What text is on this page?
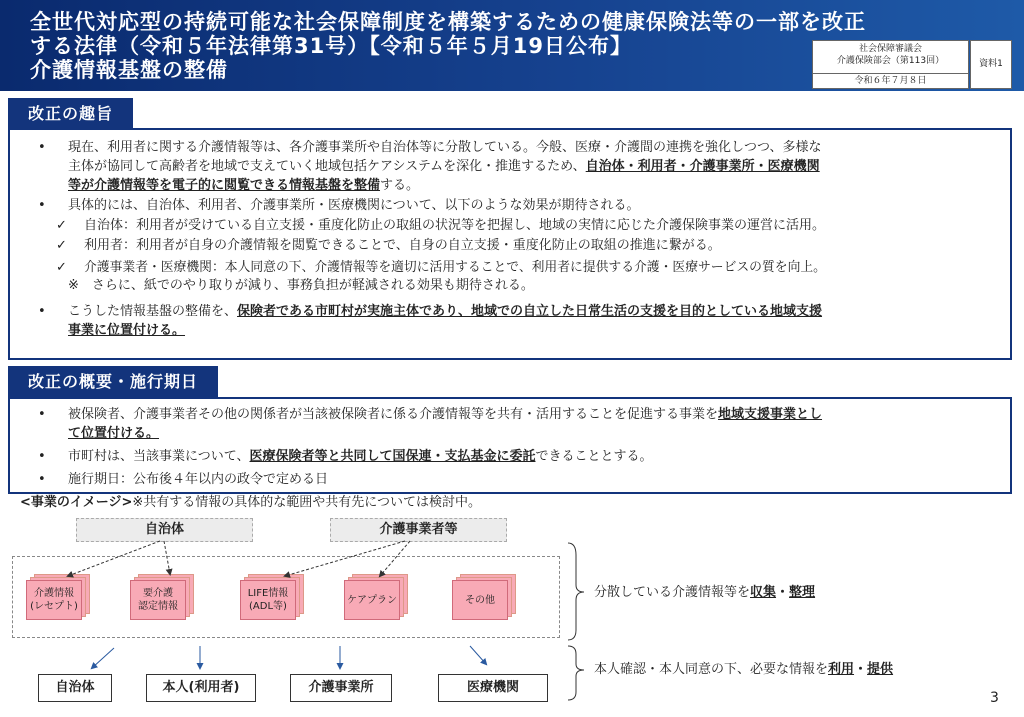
全世代対応型の持続可能な社会保障制度を構築するための健康保険法等の一部を改正
する法律（令和５年法律第31号）【令和５年５月19日公布】
介護情報基盤の整備
社会保障審議会
介護保険部会（第113回）
令和６年７月８日
資料1
改正の趣旨
• 現在、利用者に関する介護情報等は、各介護事業所や自治体等に分散している。今般、医療・介護間の連携を強化しつつ、多様な
主体が協同して高齢者を地域で支えていく地域包括ケアシステムを深化・推進するため、自治体・利用者・介護事業所・医療機関
等が介護情報等を電子的に閲覧できる情報基盤を整備する。
• 具体的には、自治体、利用者、介護事業所・医療機関について、以下のような効果が期待される。
✓ 自治体：利用者が受けている自立支援・重度化防止の取組の状況等を把握し、地域の実情に応じた介護保険事業の運営に活用。
✓ 利用者：利用者が自身の介護情報を閲覧できることで、自身の自立支援・重度化防止の取組の推進に繋がる。
✓ 介護事業者・医療機関：本人同意の下、介護情報等を適切に活用することで、利用者に提供する介護・医療サービスの質を向上。
※　さらに、紙でのやり取りが減り、事務負担が軽減される効果も期待される。
• こうした情報基盤の整備を、保険者である市町村が実施主体であり、地域での自立した日常生活の支援を目的としている地域支援
事業に位置付ける。
改正の概要・施行期日
• 被保険者、介護事業者その他の関係者が当該被保険者に係る介護情報等を共有・活用することを促進する事業を地域支援事業とし
て位置付ける。
• 市町村は、当該事業について、医療保険者等と共同して国保連・支払基金に委託できることとする。
• 施行期日：公布後４年以内の政令で定める日
<事業のイメージ>※共有する情報の具体的な範囲や共有先については検討中。
自治体	介護事業者等
介護情報
(レセプト)
要介護
認定情報
LIFE情報
(ADL等)
ケアプラン	その他
自治体	本人(利用者)	介護事業所	医療機関
分散している介護情報等を収集・整理
本人確認・本人同意の下、必要な情報を利用・提供
3
